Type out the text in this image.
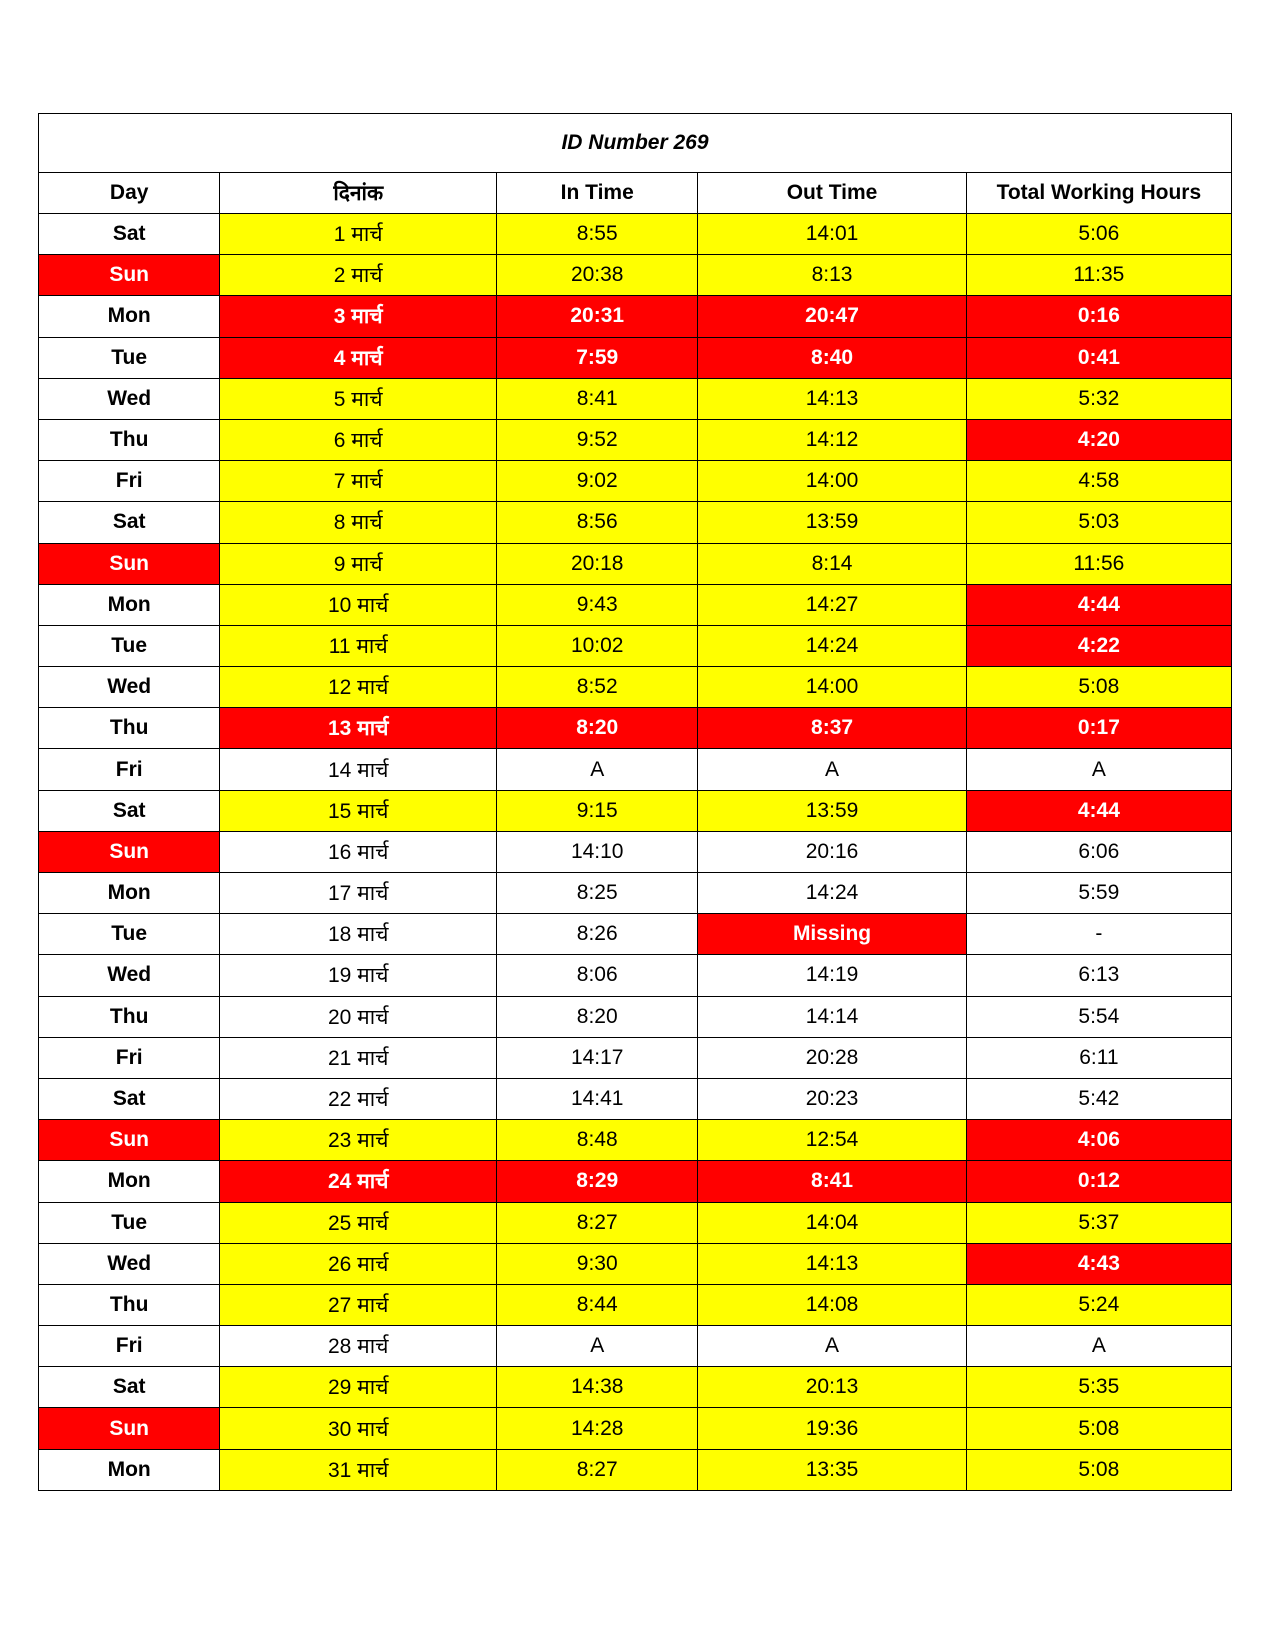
ID Number 269				
Day	दिनांक	In Time	Out Time	Total Working Hours
Sat	1 मार्च	8:55	14:01	5:06
Sun	2 मार्च	20:38	8:13	11:35
Mon	3 मार्च	20:31	20:47	0:16
Tue	4 मार्च	7:59	8:40	0:41
Wed	5 मार्च	8:41	14:13	5:32
Thu	6 मार्च	9:52	14:12	4:20
Fri	7 मार्च	9:02	14:00	4:58
Sat	8 मार्च	8:56	13:59	5:03
Sun	9 मार्च	20:18	8:14	11:56
Mon	10 मार्च	9:43	14:27	4:44
Tue	11 मार्च	10:02	14:24	4:22
Wed	12 मार्च	8:52	14:00	5:08
Thu	13 मार्च	8:20	8:37	0:17
Fri	14 मार्च	A	A	A
Sat	15 मार्च	9:15	13:59	4:44
Sun	16 मार्च	14:10	20:16	6:06
Mon	17 मार्च	8:25	14:24	5:59
Tue	18 मार्च	8:26	Missing	-
Wed	19 मार्च	8:06	14:19	6:13
Thu	20 मार्च	8:20	14:14	5:54
Fri	21 मार्च	14:17	20:28	6:11
Sat	22 मार्च	14:41	20:23	5:42
Sun	23 मार्च	8:48	12:54	4:06
Mon	24 मार्च	8:29	8:41	0:12
Tue	25 मार्च	8:27	14:04	5:37
Wed	26 मार्च	9:30	14:13	4:43
Thu	27 मार्च	8:44	14:08	5:24
Fri	28 मार्च	A	A	A
Sat	29 मार्च	14:38	20:13	5:35
Sun	30 मार्च	14:28	19:36	5:08
Mon	31 मार्च	8:27	13:35	5:08
